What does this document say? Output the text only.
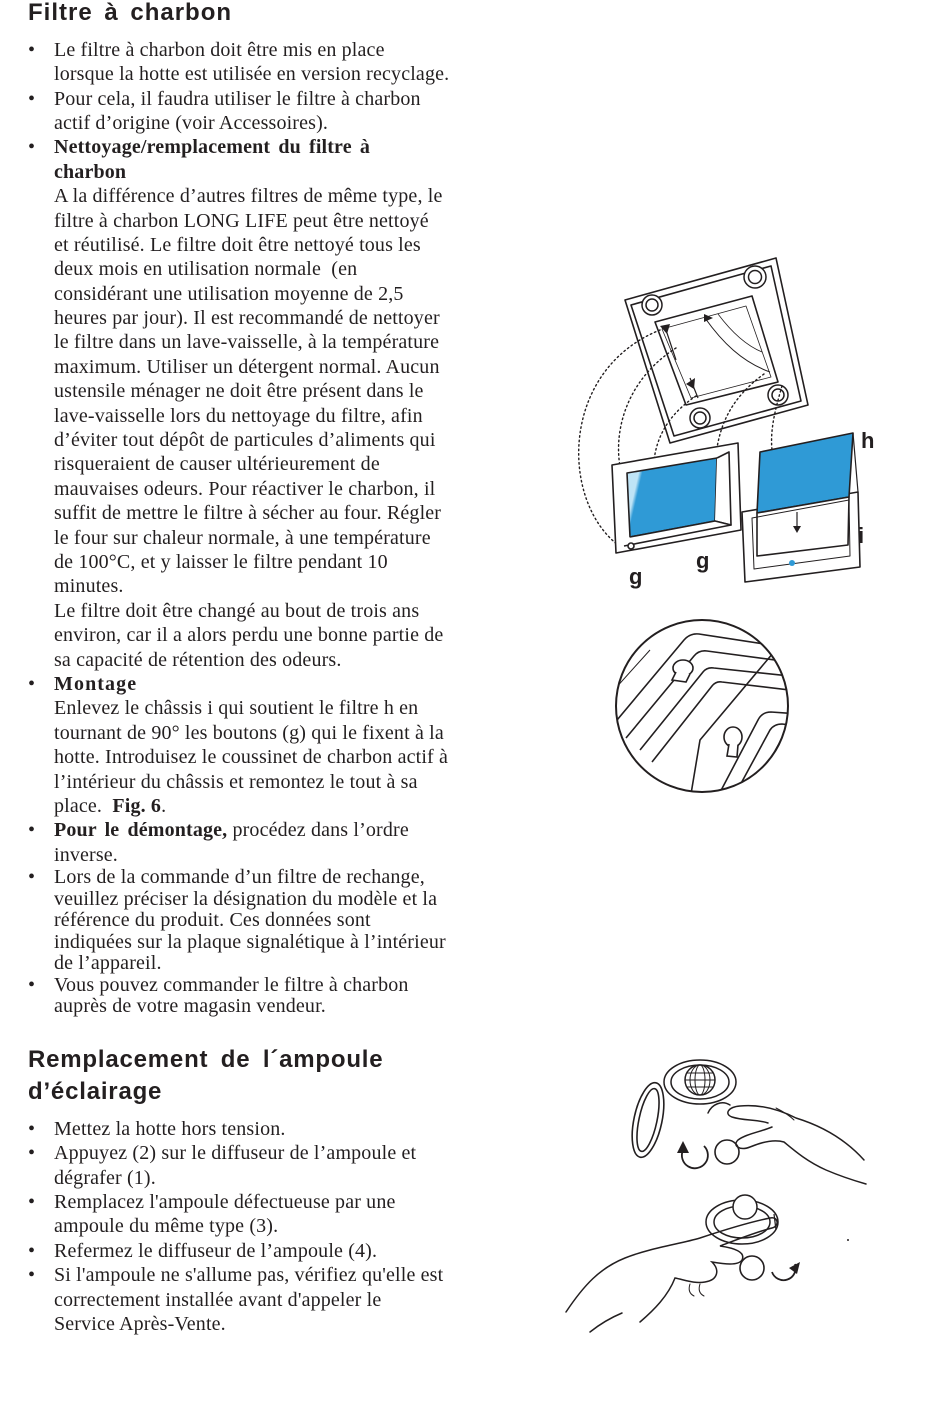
Filtre à charbon
• Le filtre à charbon doit être mis en place
lorsque la hotte est utilisée en version recyclage.
• Pour cela, il faudra utiliser le filtre à charbon
actif d’origine (voir Accessoires).
• Nettoyage/remplacement du filtre à
charbon
A la différence d’autres filtres de même type, le
filtre à charbon LONG LIFE peut être nettoyé
et réutilisé. Le filtre doit être nettoyé tous les
deux mois en utilisation normale  (en
considérant une utilisation moyenne de 2,5
heures par jour). Il est recommandé de nettoyer
le filtre dans un lave-vaisselle, à la température
maximum. Utiliser un détergent normal. Aucun
ustensile ménager ne doit être présent dans le
lave-vaisselle lors du nettoyage du filtre, afin
d’éviter tout dépôt de particules d’aliments qui
risqueraient de causer ultérieurement de
mauvaises odeurs. Pour réactiver le charbon, il
suffit de mettre le filtre à sécher au four. Régler
le four sur chaleur normale, à une température
de 100°C, et y laisser le filtre pendant 10
minutes.
Le filtre doit être changé au bout de trois ans
environ, car il a alors perdu une bonne partie de
sa capacité de rétention des odeurs.
• Montage
Enlevez le châssis i qui soutient le filtre h en
tournant de 90° les boutons (g) qui le fixent à la
hotte. Introduisez le coussinet de charbon actif à
l’intérieur du châssis et remontez le tout à sa
place.  Fig. 6.
• Pour le démontage, procédez dans l’ordre
inverse.
• Lors de la commande d’un filtre de rechange,
veuillez préciser la désignation du modèle et la
référence du produit. Ces données sont
indiquées sur la plaque signalétique à l’intérieur
de l’appareil.
• Vous pouvez commander le filtre à charbon
auprès de votre magasin vendeur.
h
i
g
g
Remplacement de l´ampoule
d’éclairage
• Mettez la hotte hors tension.
• Appuyez (2) sur le diffuseur de l’ampoule et
dégrafer (1).
• Remplacez l'ampoule défectueuse par une
ampoule du même type (3).
• Refermez le diffuseur de l’ampoule (4).
• Si l'ampoule ne s'allume pas, vérifiez qu'elle est
correctement installée avant d'appeler le
Service Après-Vente.
